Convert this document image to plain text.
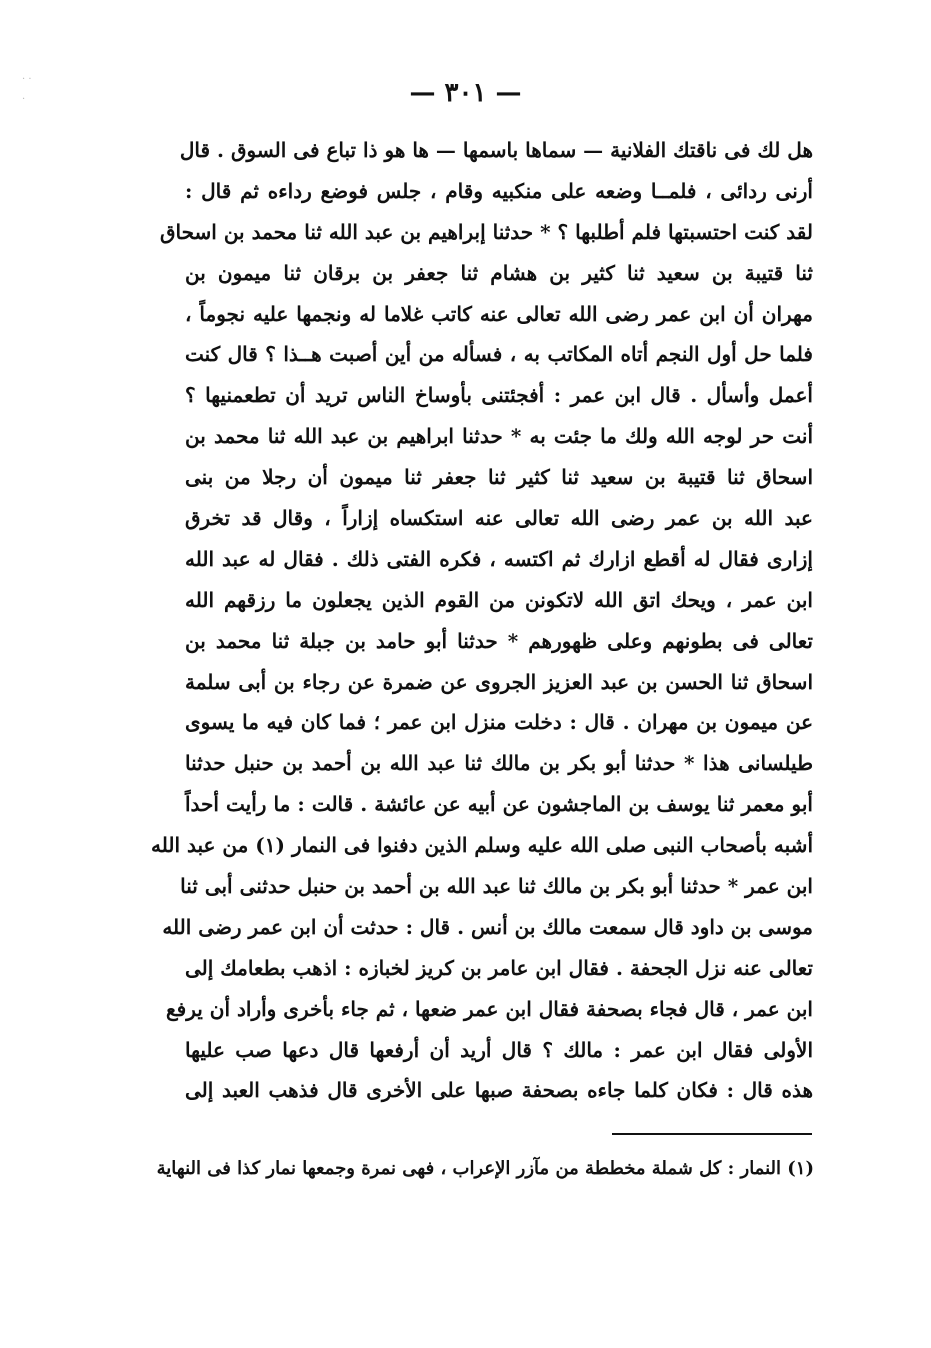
· ·
·	— ٣٠١ —
هل لك فى ناقتك الفلانية — سماها باسمها — ها هو ذا تباع فى السوق . قال
أرنى ردائى ، فلمــا وضعه على منكبيه وقام ، جلس فوضع رداءه ثم قال :
لقد كنت احتسبتها فلم أطلبها ؟ * حدثنا إبراهيم بن عبد الله ثنا محمد بن اسحاق
ثنا قتيبة بن سعيد ثنا كثير بن هشام ثنا جعفر بن برقان ثنا ميمون بن
مهران أن ابن عمر رضى الله تعالى عنه كاتب غلاما له ونجمها عليه نجوماً ،
فلما حل أول النجم أتاه المكاتب به ، فسأله من أين أصبت هــذا ؟ قال كنت
أعمل وأسأل . قال ابن عمر : أفجئتنى بأوساخ الناس تريد أن تطعمنيها ؟
أنت حر لوجه الله ولك ما جئت به * حدثنا ابراهيم بن عبد الله ثنا محمد بن
اسحاق ثنا قتيبة بن سعيد ثنا كثير ثنا جعفر ثنا ميمون أن رجلا من بنى
عبد الله بن عمر رضى الله تعالى عنه استكساه إزاراً ، وقال قد تخرق
إزارى فقال له أقطع ازارك ثم اكتسه ، فكره الفتى ذلك . فقال له عبد الله
ابن عمر ، ويحك اتق الله لاتكونن من القوم الذين يجعلون ما رزقهم الله
تعالى فى بطونهم وعلى ظهورهم * حدثنا أبو حامد بن جبلة ثنا محمد بن
اسحاق ثنا الحسن بن عبد العزيز الجروى عن ضمرة عن رجاء بن أبى سلمة
عن ميمون بن مهران . قال : دخلت منزل ابن عمر ؛ فما كان فيه ما يسوى
طيلسانى هذا * حدثنا أبو بكر بن مالك ثنا عبد الله بن أحمد بن حنبل حدثنا
أبو معمر ثنا يوسف بن الماجشون عن أبيه عن عائشة . قالت : ما رأيت أحداً
أشبه بأصحاب النبى صلى الله عليه وسلم الذين دفنوا فى النمار (١) من عبد الله
ابن عمر * حدثنا أبو بكر بن مالك ثنا عبد الله بن أحمد بن حنبل حدثنى أبى ثنا
موسى بن داود قال سمعت مالك بن أنس . قال : حدثت أن ابن عمر رضى الله
تعالى عنه نزل الجحفة . فقال ابن عامر بن كريز لخبازه : اذهب بطعامك إلى
ابن عمر ، قال فجاء بصحفة فقال ابن عمر ضعها ، ثم جاء بأخرى وأراد أن يرفع
الأولى فقال ابن عمر : مالك ؟ قال أريد أن أرفعها قال دعها صب عليها
هذه قال : فكان كلما جاءه بصحفة صبها على الأخرى قال فذهب العبد إلى
(١) النمار : كل شملة مخططة من مآزر الإعراب ، فهى نمرة وجمعها نمار كذا فى النهاية
